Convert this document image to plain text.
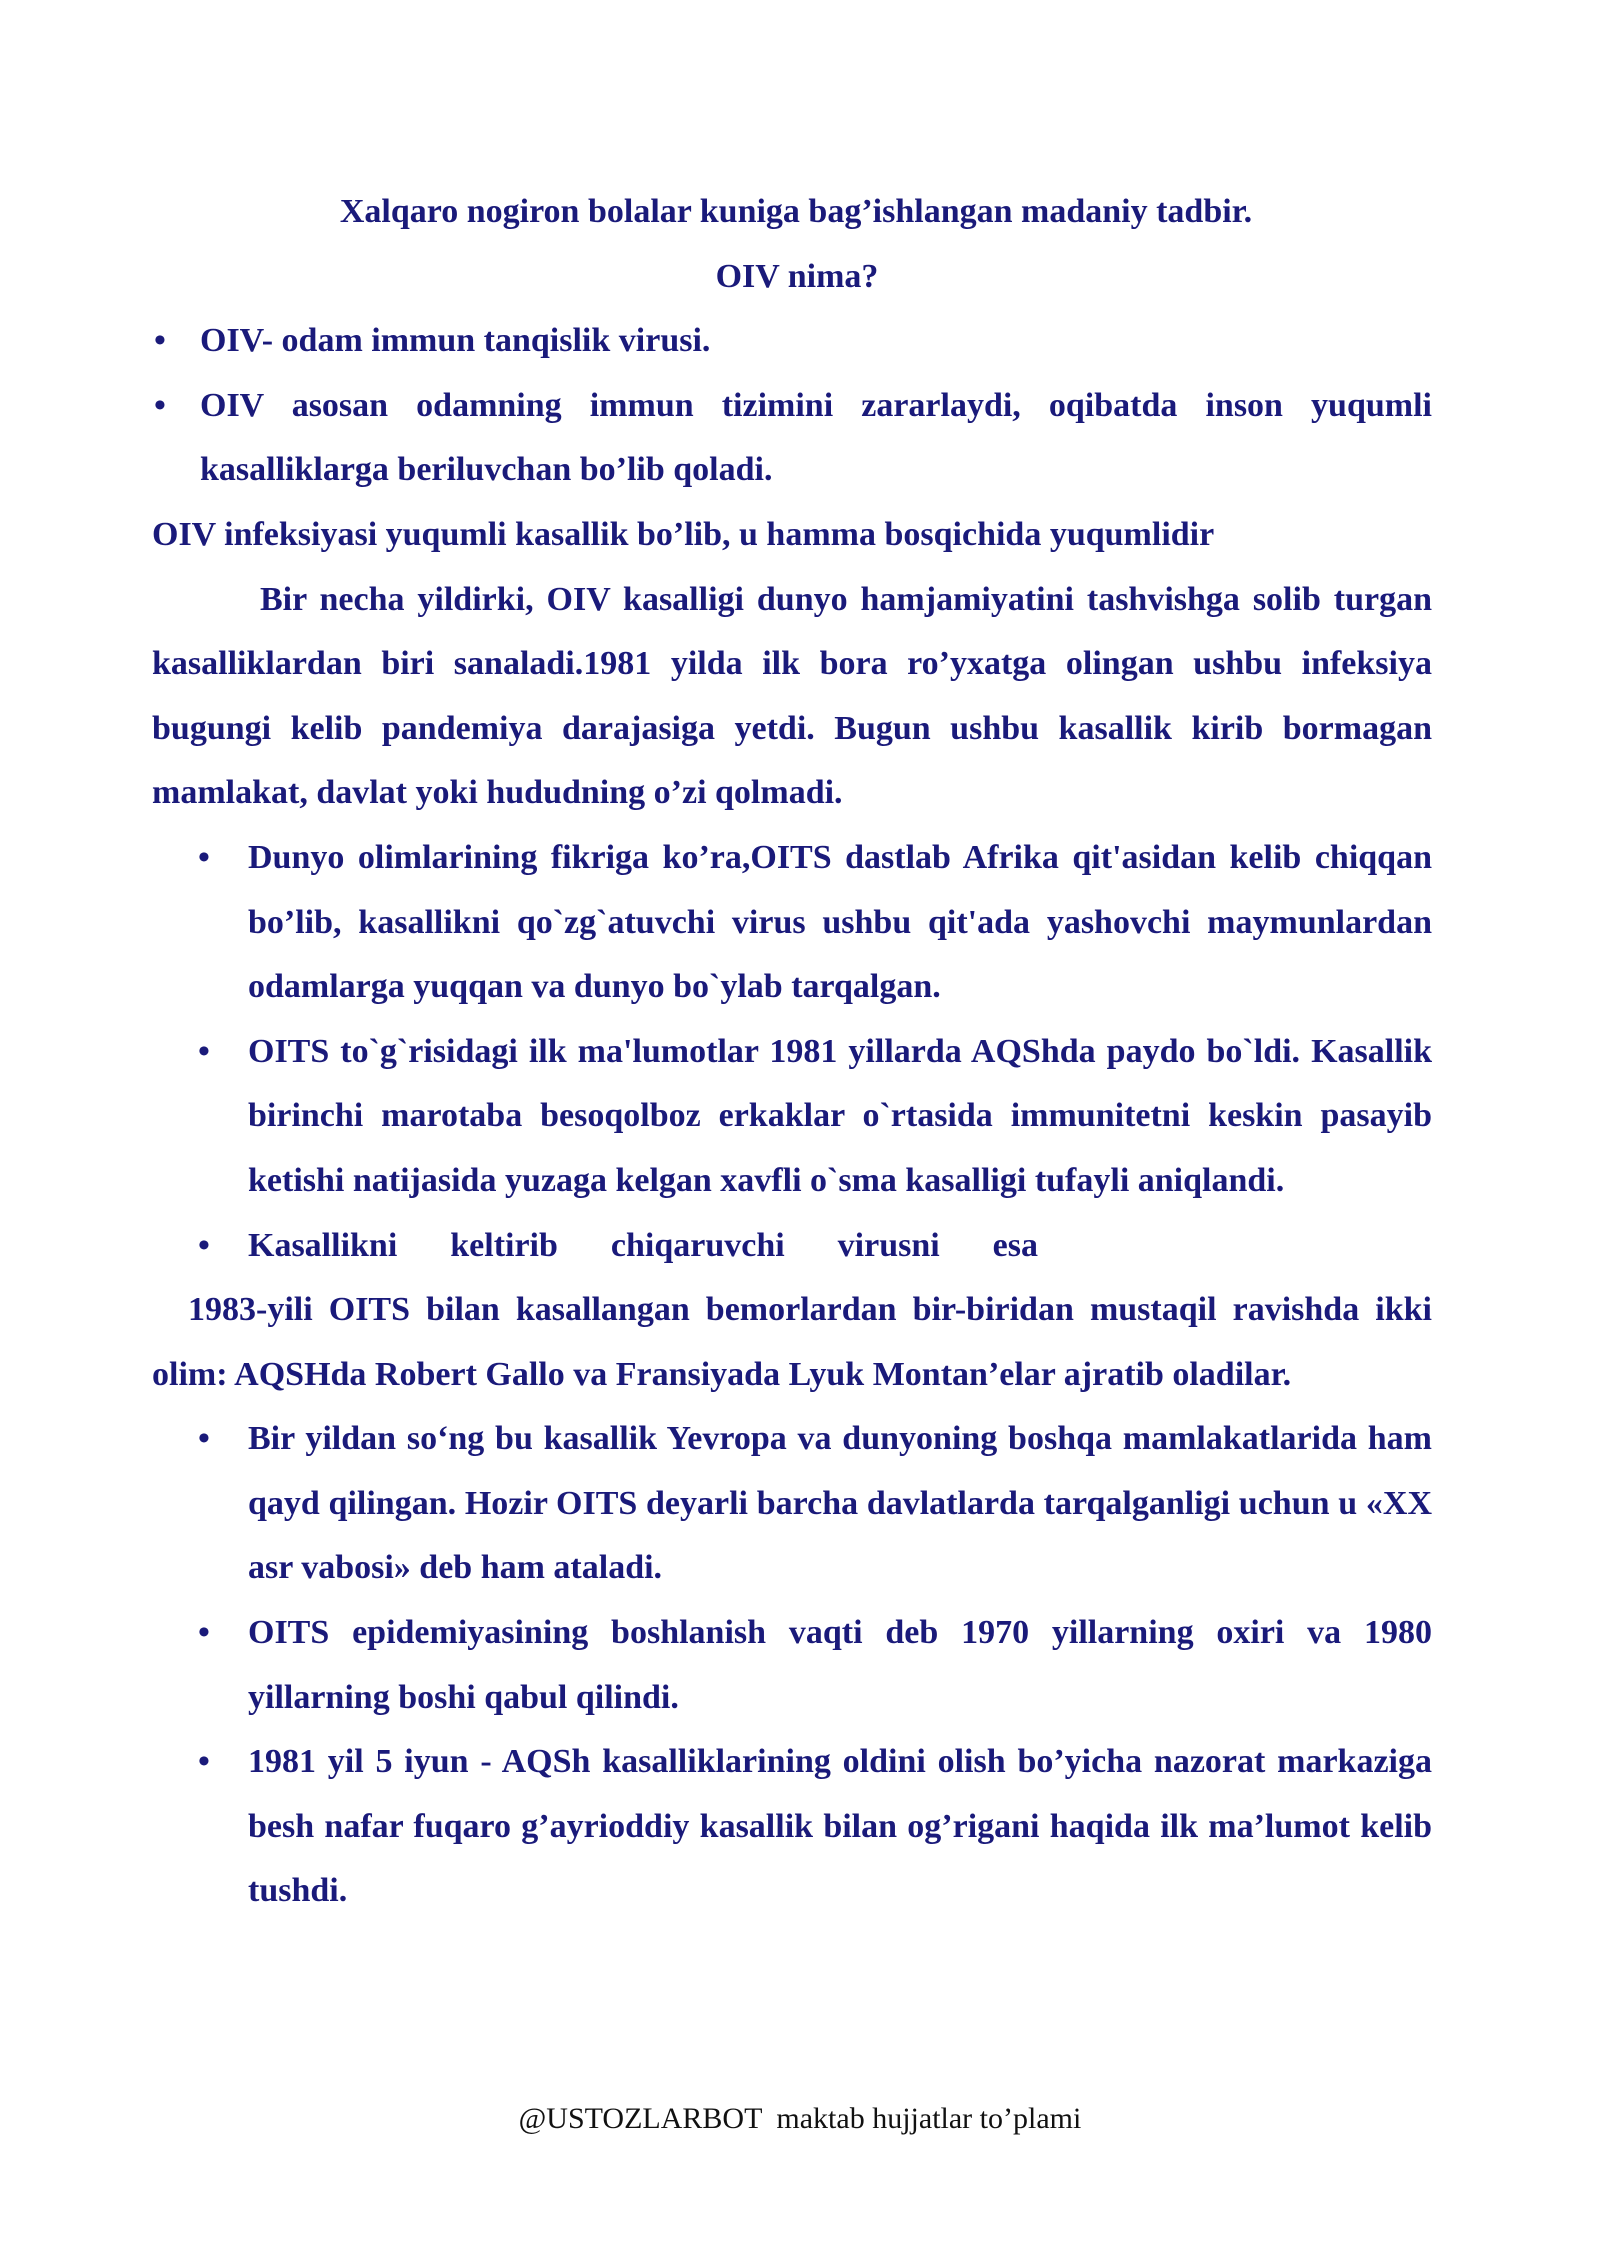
Xalqaro nogiron bolalar kuniga bag’ishlangan madaniy tadbir.

OIV nima?

• OIV- odam immun tanqislik virusi.
• OIV asosan odamning immun tizimini zararlaydi, oqibatda inson yuqumli kasalliklarga beriluvchan bo’lib qoladi.

OIV infeksiyasi yuqumli kasallik bo’lib, u hamma bosqichida yuqumlidir

Bir necha yildirki, OIV kasalligi dunyo hamjamiyatini tashvishga solib turgan kasalliklardan biri sanaladi.1981 yilda ilk bora ro’yxatga olingan ushbu infeksiya bugungi kelib pandemiya darajasiga yetdi. Bugun ushbu kasallik kirib bormagan mamlakat, davlat yoki hududning o’zi qolmadi.

• Dunyo olimlarining fikriga ko’ra,OITS dastlab Afrika qit'asidan kelib chiqqan bo’lib, kasallikni qo`zg`atuvchi virus ushbu qit'ada yashovchi maymunlardan odamlarga yuqqan va dunyo bo`ylab tarqalgan.
• OITS to`g`risidagi ilk ma'lumotlar 1981 yillarda AQShda paydo bo`ldi. Kasallik birinchi marotaba besoqolboz erkaklar o`rtasida immunitetni keskin pasayib ketishi natijasida yuzaga kelgan xavfli o`sma kasalligi tufayli aniqlandi.
• Kasallikni keltirib chiqaruvchi virusni esa

1983-yili OITS bilan kasallangan bemorlardan bir-biridan mustaqil ravishda ikki olim: AQSHda Robert Gallo va Fransiyada Lyuk Montan’elar ajratib oladilar.

• Bir yildan so‘ng bu kasallik Yevropa va dunyoning boshqa mamlakatlarida ham qayd qilingan. Hozir OITS deyarli barcha davlatlarda tarqalganligi uchun u «XX asr vabosi» deb ham ataladi.
• OITS epidemiyasining boshlanish vaqti deb 1970 yillarning oxiri va 1980 yillarning boshi qabul qilindi.
• 1981 yil 5 iyun - AQSh kasalliklarining oldini olish bo’yicha nazorat markaziga besh nafar fuqaro g’ayrioddiy kasallik bilan og’rigani haqida ilk ma’lumot kelib tushdi.
@USTOZLARBOT maktab hujjatlar to’plami
